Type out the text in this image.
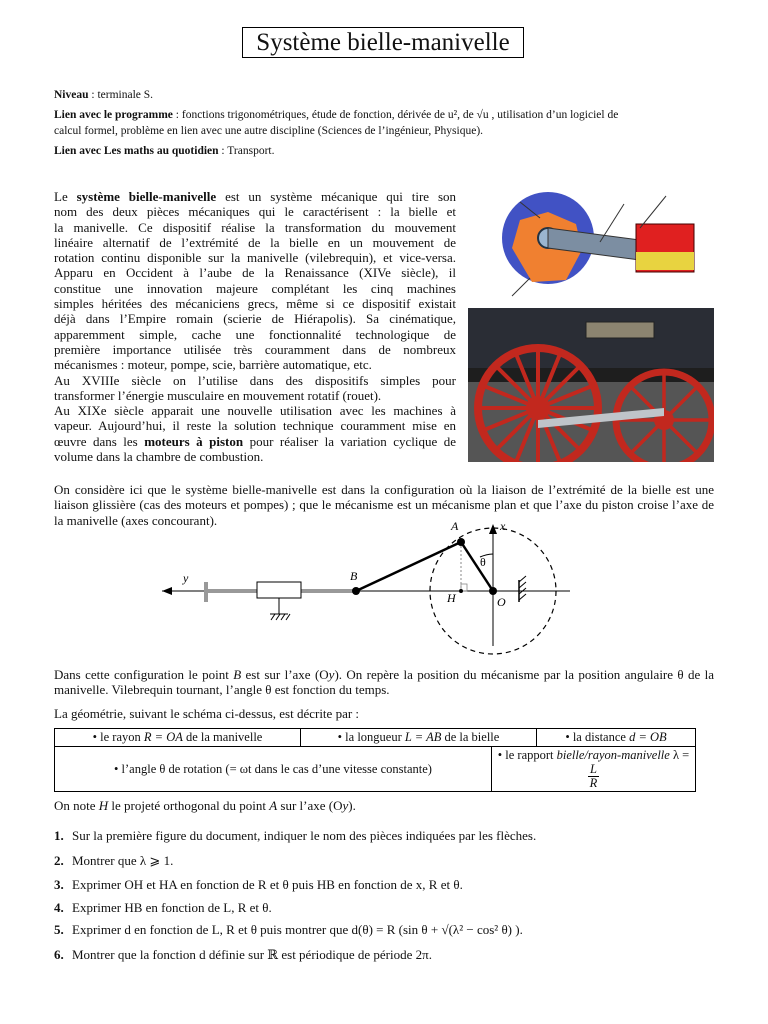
Système bielle-manivelle
Niveau : terminale S.
Lien avec le programme : fonctions trigonométriques, étude de fonction, dérivée de u², de √u , utilisation d’un logiciel de
calcul formel, problème en lien avec une autre discipline (Sciences de l’ingénieur, Physique).
Lien avec Les maths au quotidien : Transport.
Le système bielle-manivelle est un système mécanique qui tire son
nom des deux pièces mécaniques qui le caractérisent : la bielle et
la manivelle. Ce dispositif réalise la transformation du mouvement
linéaire alternatif de l’extrémité de la bielle en un mouvement de
rotation continu disponible sur la manivelle (vilebrequin), et vice-versa.
Apparu en Occident à l’aube de la Renaissance (XIVe siècle), il
constitue une innovation majeure complétant les cinq machines
simples héritées des mécaniciens grecs, même si ce dispositif existait
déjà dans l’Empire romain (scierie de Hiérapolis). Sa cinématique,
apparemment simple, cache une fonctionnalité technologique de
première importance utilisée très couramment dans de nombreux
mécanismes : moteur, pompe, scie, barrière automatique, etc.
Au XVIIIe siècle on l’utilise dans des dispositifs simples pour
transformer l’énergie musculaire en mouvement rotatif (rouet).
Au XIXe siècle apparait une nouvelle utilisation avec les machines à
vapeur. Aujourd’hui, il reste la solution technique couramment mise en
œuvre dans les moteurs à piston pour réaliser la variation cyclique de
volume dans la chambre de combustion.
On considère ici que le système bielle-manivelle est dans la configuration où la liaison de l’extrémité de la bielle est une liaison glissière (cas des moteurs et pompes) ; que le mécanisme est un mécanisme plan et que l’axe du piston croise l’axe de la manivelle (axes concourant).	A	x
θ
y	B
H	O
Dans cette configuration le point B est sur l’axe (Oy). On repère la position du mécanisme par la position angulaire θ de la manivelle. Vilebrequin tournant, l’angle θ est fonction du temps.
La géométrie, suivant le schéma ci-dessus, est décrite par :
• le rayon R = OA de la manivelle	• la longueur L = AB de la bielle		• la distance d = OB
• l’angle θ de rotation (= ωt dans le cas d’une vitesse constante)		• le rapport bielle/rayon-manivelle λ =
$\frac{L}{R}$
On note H le projeté orthogonal du point A sur l’axe (Oy).
1. Sur la première figure du document, indiquer le nom des pièces indiquées par les flèches.
2. Montrer que λ ⩾ 1.
3. Exprimer OH et HA en fonction de R et θ puis HB en fonction de x, R et θ.
4. Exprimer HB en fonction de L, R et θ.
5. Exprimer d en fonction de L, R et θ puis montrer que d(θ) = R (sin θ + √(λ² − cos² θ) ).
6. Montrer que la fonction d définie sur ℝ est périodique de période 2π.
